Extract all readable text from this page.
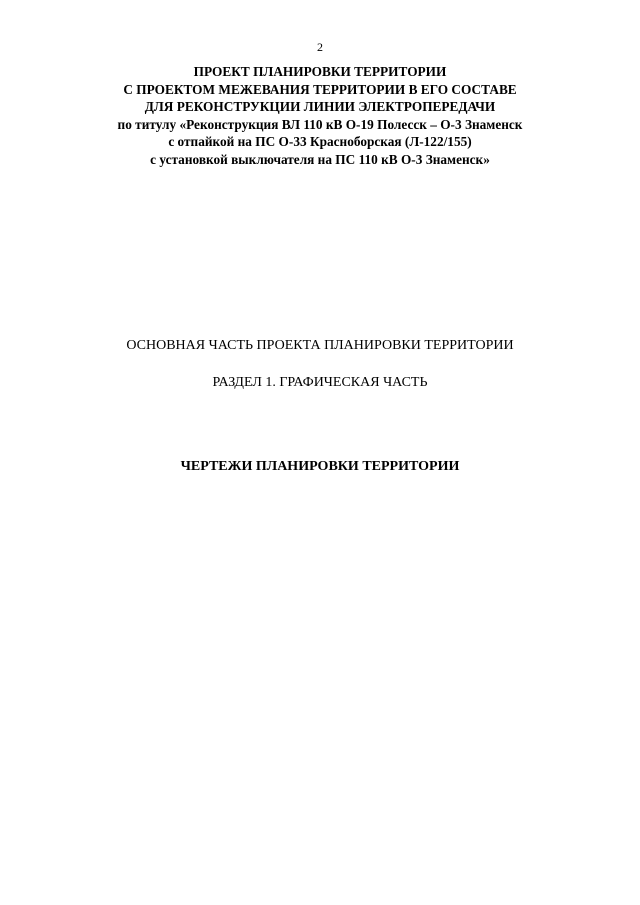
2
ПРОЕКТ ПЛАНИРОВКИ ТЕРРИТОРИИ
С ПРОЕКТОМ МЕЖЕВАНИЯ ТЕРРИТОРИИ В ЕГО СОСТАВЕ
ДЛЯ РЕКОНСТРУКЦИИ ЛИНИИ ЭЛЕКТРОПЕРЕДАЧИ
по титулу «Реконструкция ВЛ 110 кВ О-19 Полесск – О-3 Знаменск
с отпайкой на ПС О-33 Красноборская (Л-122/155)
с установкой выключателя на ПС 110 кВ О-3 Знаменск»
ОСНОВНАЯ ЧАСТЬ ПРОЕКТА ПЛАНИРОВКИ ТЕРРИТОРИИ
РАЗДЕЛ 1. ГРАФИЧЕСКАЯ ЧАСТЬ
ЧЕРТЕЖИ ПЛАНИРОВКИ ТЕРРИТОРИИ
